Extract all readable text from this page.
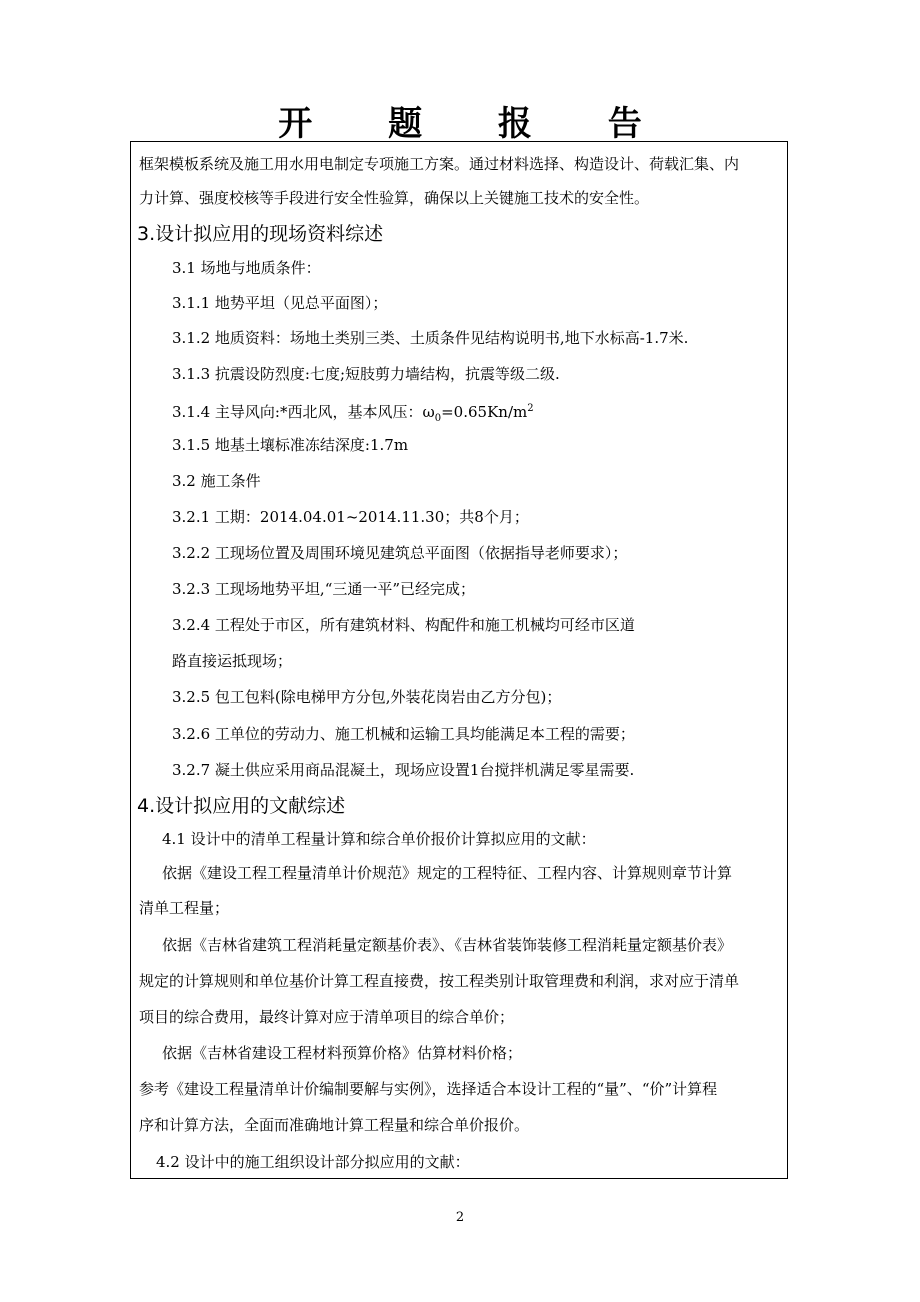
开 题 报 告
框架模板系统及施工用水用电制定专项施工方案。通过材料选择、构造设计、荷载汇集、内
力计算、强度校核等手段进行安全性验算，确保以上关键施工技术的安全性。
3.设计拟应用的现场资料综述
3.1 场地与地质条件：
3.1.1 地势平坦（见总平面图）；
3.1.2 地质资料：场地土类别三类、土质条件见结构说明书,地下水标高-1.7米.
3.1.3 抗震设防烈度:七度;短肢剪力墙结构，抗震等级二级.
3.1.5 地基土壤标准冻结深度:1.7m
3.2 施工条件
3.2.1 工期：2014.04.01~2014.11.30；共8个月；
3.2.2 工现场位置及周围环境见建筑总平面图（依据指导老师要求）；
3.2.3 工现场地势平坦,“三通一平”已经完成；
3.2.4 工程处于市区，所有建筑材料、构配件和施工机械均可经市区道
路直接运抵现场；
3.2.5 包工包料(除电梯甲方分包,外装花岗岩由乙方分包)；
3.2.6 工单位的劳动力、施工机械和运输工具均能满足本工程的需要；
3.2.7 凝土供应采用商品混凝土，现场应设置1台搅拌机满足零星需要.
4.设计拟应用的文献综述
4.1 设计中的清单工程量计算和综合单价报价计算拟应用的文献：
依据《建设工程工程量清单计价规范》规定的工程特征、工程内容、计算规则章节计算
清单工程量；
依据《吉林省建筑工程消耗量定额基价表》、《吉林省装饰装修工程消耗量定额基价表》
规定的计算规则和单位基价计算工程直接费，按工程类别计取管理费和利润，求对应于清单
项目的综合费用，最终计算对应于清单项目的综合单价；
依据《吉林省建设工程材料预算价格》估算材料价格；
参考《建设工程量清单计价编制要解与实例》，选择适合本设计工程的“量”、“价”计算程
序和计算方法，全面而准确地计算工程量和综合单价报价。
4.2 设计中的施工组织设计部分拟应用的文献：
3.1.4 主导风向:*西北风，基本风压：$\omega_0=0.65Kn/m^2$
2
